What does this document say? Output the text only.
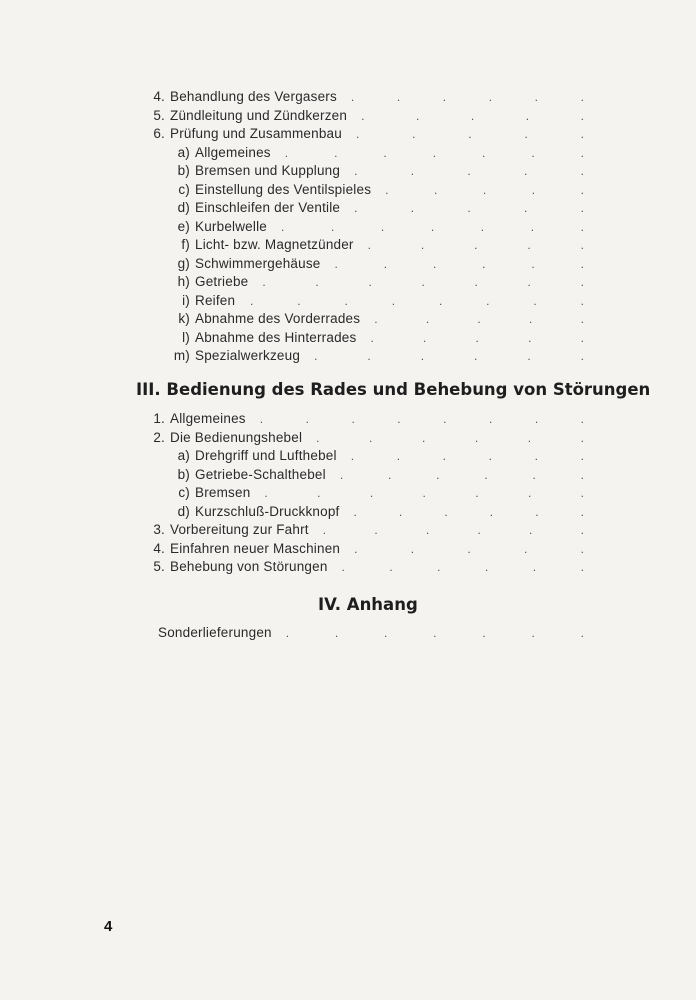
4. Behandlung des Vergasers .	.	.	.	.	.
5. Zündleitung und Zündkerzen .	.	.	.	.
6. Prüfung und Zusammenbau .	.	.	.	.
a) Allgemeines .	.	.	.	.	.	.
b) Bremsen und Kupplung .	.	.	.	.
c) Einstellung des Ventilspieles .	.	.	.	.
d) Einschleifen der Ventile .	.	.	.	.
e) Kurbelwelle .	.	.	.	.	.	.
f) Licht- bzw. Magnetzünder .	.	.	.	.
g) Schwimmergehäuse .	.	.	.	.	.
h) Getriebe .	.	.	.	.	.	.
i) Reifen .	.	.	.	.	.	.	.
k) Abnahme des Vorderrades .	.	.	.	.
l) Abnahme des Hinterrades .	.	.	.	.
m) Spezialwerkzeug .	.	.	.	.	.
1. Allgemeines .	.	.	.	.	.	.	.
2. Die Bedienungshebel .	.	.	.	.	.
a) Drehgriff und Lufthebel .	.	.	.	.	.
b) Getriebe-Schalthebel .	.	.	.	.	.
c) Bremsen .	.	.	.	.	.	.
d) Kurzschluß-Druckknopf .	.	.	.	.	.
3. Vorbereitung zur Fahrt .	.	.	.	.	.
4. Einfahren neuer Maschinen .	.	.	.	.
5. Behebung von Störungen .	.	.	.	.	.
Sonderlieferungen .	.	.	.	.	.	.
III. Bedienung des Rades und Behebung von Störungen
IV. Anhang
4
